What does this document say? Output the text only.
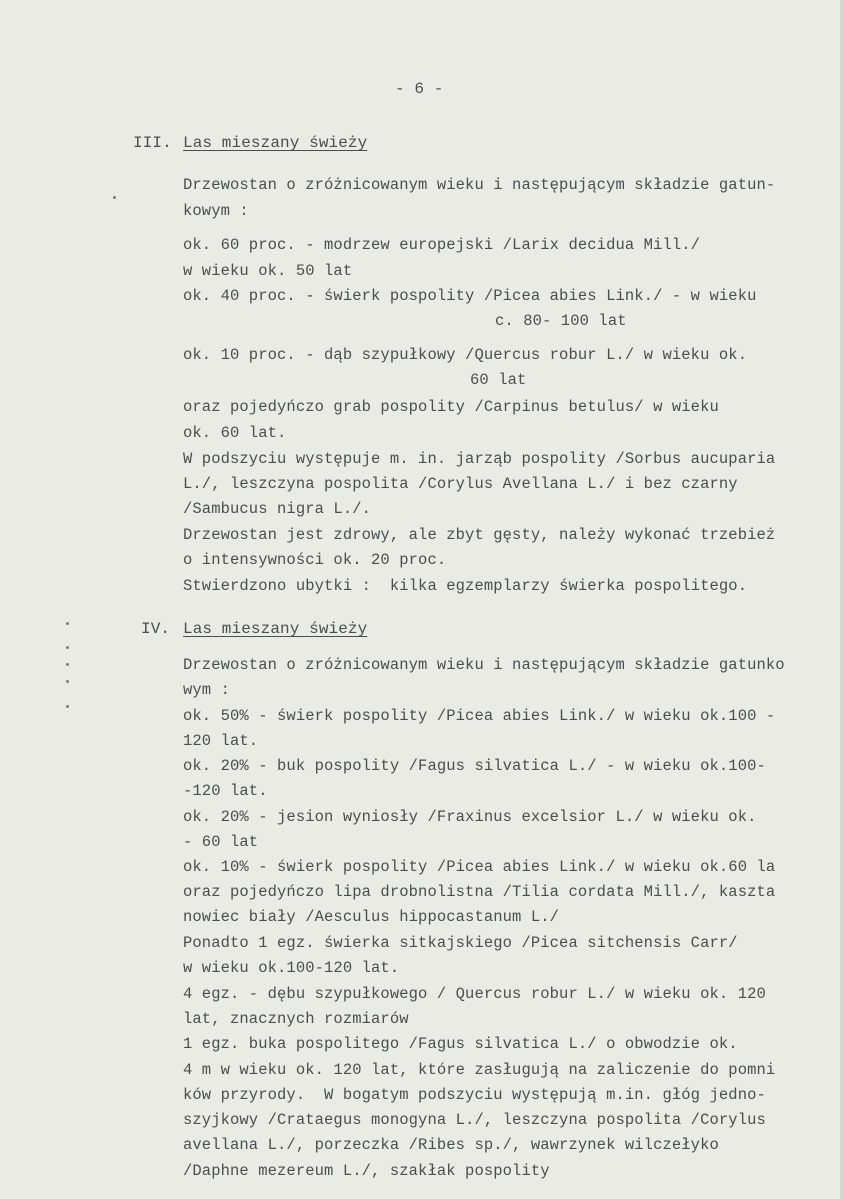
- 6 -
III. Las mieszany świeży
Drzewostan o zróżnicowanym wieku i następującym składzie gatun-
kowym :
ok. 60 proc. - modrzew europejski /Larix decidua Mill./
w wieku ok. 50 lat
ok. 40 proc. - świerk pospolity /Picea abies Link./ - w wieku
c. 80- 100 lat
ok. 10 proc. - dąb szypułkowy /Quercus robur L./ w wieku ok.
60 lat
oraz pojedyńczo grab pospolity /Carpinus betulus/ w wieku
ok. 60 lat.
W podszyciu występuje m. in. jarząb pospolity /Sorbus aucuparia
L./, leszczyna pospolita /Corylus Avellana L./ i bez czarny
/Sambucus nigra L./.
Drzewostan jest zdrowy, ale zbyt gęsty, należy wykonać trzebież
o intensywności ok. 20 proc.
Stwierdzono ubytki :  kilka egzemplarzy świerka pospolitego.
IV. Las mieszany świeży
Drzewostan o zróżnicowanym wieku i następującym składzie gatunko
wym :
ok. 50% - świerk pospolity /Picea abies Link./ w wieku ok.100 -
120 lat.
ok. 20% - buk pospolity /Fagus silvatica L./ - w wieku ok.100-
-120 lat.
ok. 20% - jesion wyniosły /Fraxinus excelsior L./ w wieku ok.
- 60 lat
ok. 10% - świerk pospolity /Picea abies Link./ w wieku ok.60 la
oraz pojedyńczo lipa drobnolistna /Tilia cordata Mill./, kaszta
nowiec biały /Aesculus hippocastanum L./
Ponadto 1 egz. świerka sitkajskiego /Picea sitchensis Carr/
w wieku ok.100-120 lat.
4 egz. - dębu szypułkowego / Quercus robur L./ w wieku ok. 120
lat, znacznych rozmiarów
1 egz. buka pospolitego /Fagus silvatica L./ o obwodzie ok.
4 m w wieku ok. 120 lat, które zasługują na zaliczenie do pomni
ków przyrody.  W bogatym podszyciu występują m.in. głóg jedno-
szyjkowy /Crataegus monogyna L./, leszczyna pospolita /Corylus
avellana L./, porzeczka /Ribes sp./, wawrzynek wilczełyko
/Daphne mezereum L./, szakłak pospolity
